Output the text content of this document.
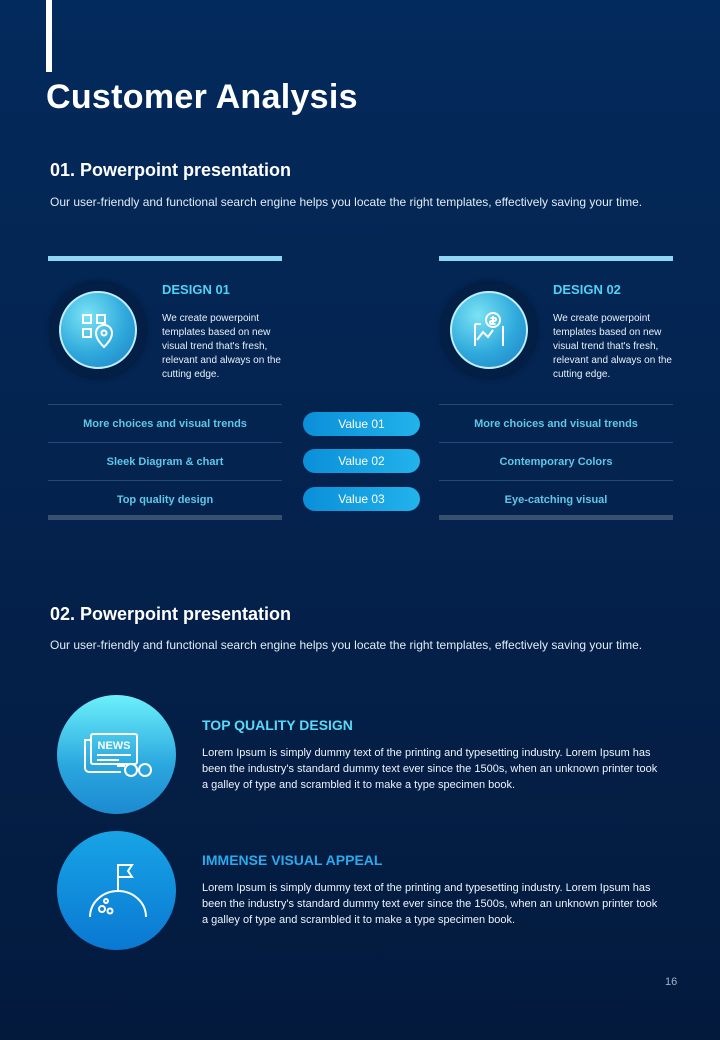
Customer Analysis
01. Powerpoint presentation
Our user-friendly and functional search engine helps you locate the right templates, effectively saving your time.
DESIGN 01
We create powerpoint templates based on new visual trend that's fresh, relevant and always on the cutting edge.
More choices and visual trends
Sleek Diagram & chart
Top quality design
DESIGN 02
We create powerpoint templates based on new visual trend that's fresh, relevant and always on the cutting edge.
More choices and visual trends
Contemporary Colors
Eye-catching visual
Value 01
Value 02
Value 03
02. Powerpoint presentation
Our user-friendly and functional search engine helps you locate the right templates, effectively saving your time.
NEWS
TOP QUALITY DESIGN
Lorem Ipsum is simply dummy text of the printing and typesetting industry. Lorem Ipsum has been the industry's standard dummy text ever since the 1500s, when an unknown printer took a galley of type and scrambled it to make a type specimen book.
IMMENSE VISUAL APPEAL
Lorem Ipsum is simply dummy text of the printing and typesetting industry. Lorem Ipsum has been the industry's standard dummy text ever since the 1500s, when an unknown printer took a galley of type and scrambled it to make a type specimen book.
16
